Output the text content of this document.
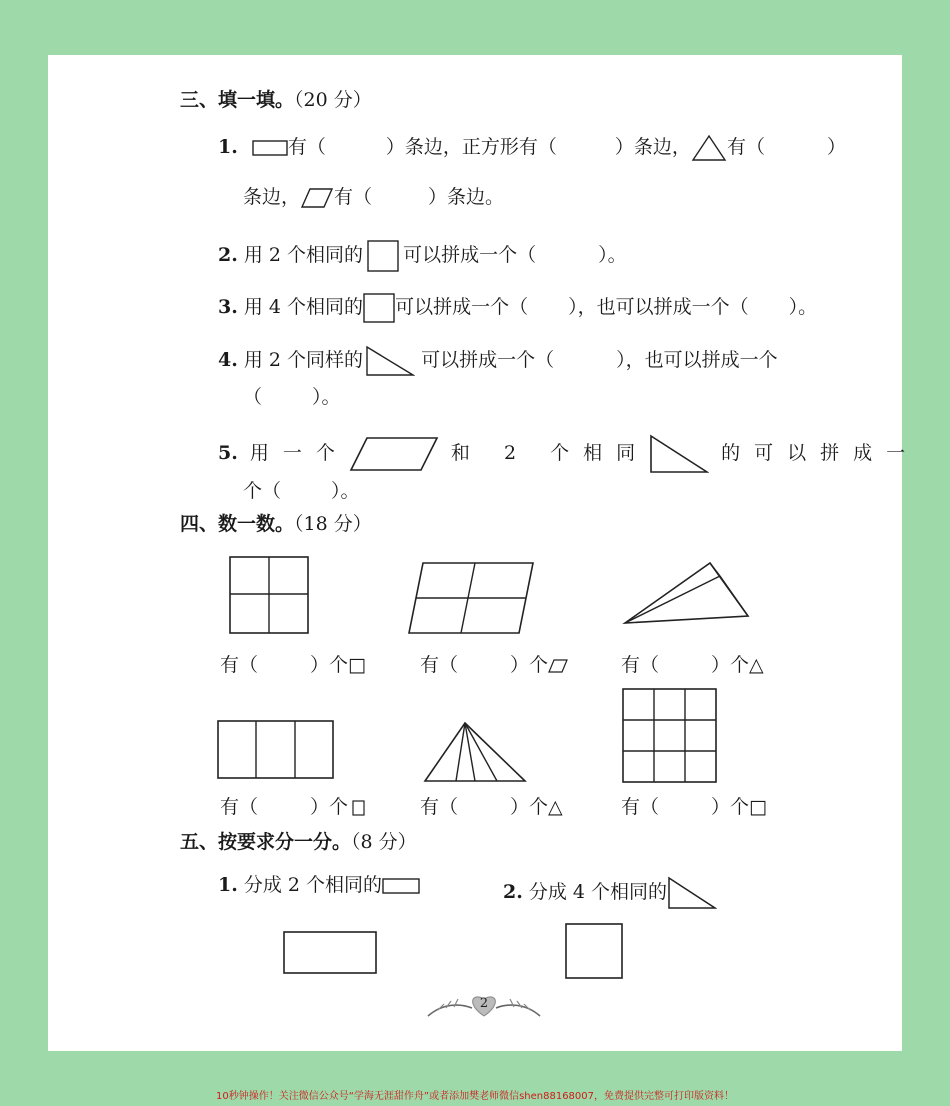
三、填一填。（20 分）
1.	有（	）条边，正方形有（	）条边， 有（	）
条边， 有（	）条边。
2. 用 2 个相同的 可以拼成一个（	）。
3. 用 4 个相同的 可以拼成一个（ ），也可以拼成一个（ ）。
4. 用 2 个同样的	可以拼成一个（	），也可以拼成一个
（	）。
5. 用一个	和 2 个相同	的可以拼成一
个（	）。
四、数一数。（18 分）
有（	）个□	有（	）个	有（	）个△
有（	）个	有（	）个△	有（	）个□
五、按要求分一分。（8 分）
1. 分成 2 个相同的	2. 分成 4 个相同的
2
10秒钟操作！关注微信公众号“学海无涯甜作舟”或者添加樊老师微信shen88168007，免费提供完整可打印版资料！
